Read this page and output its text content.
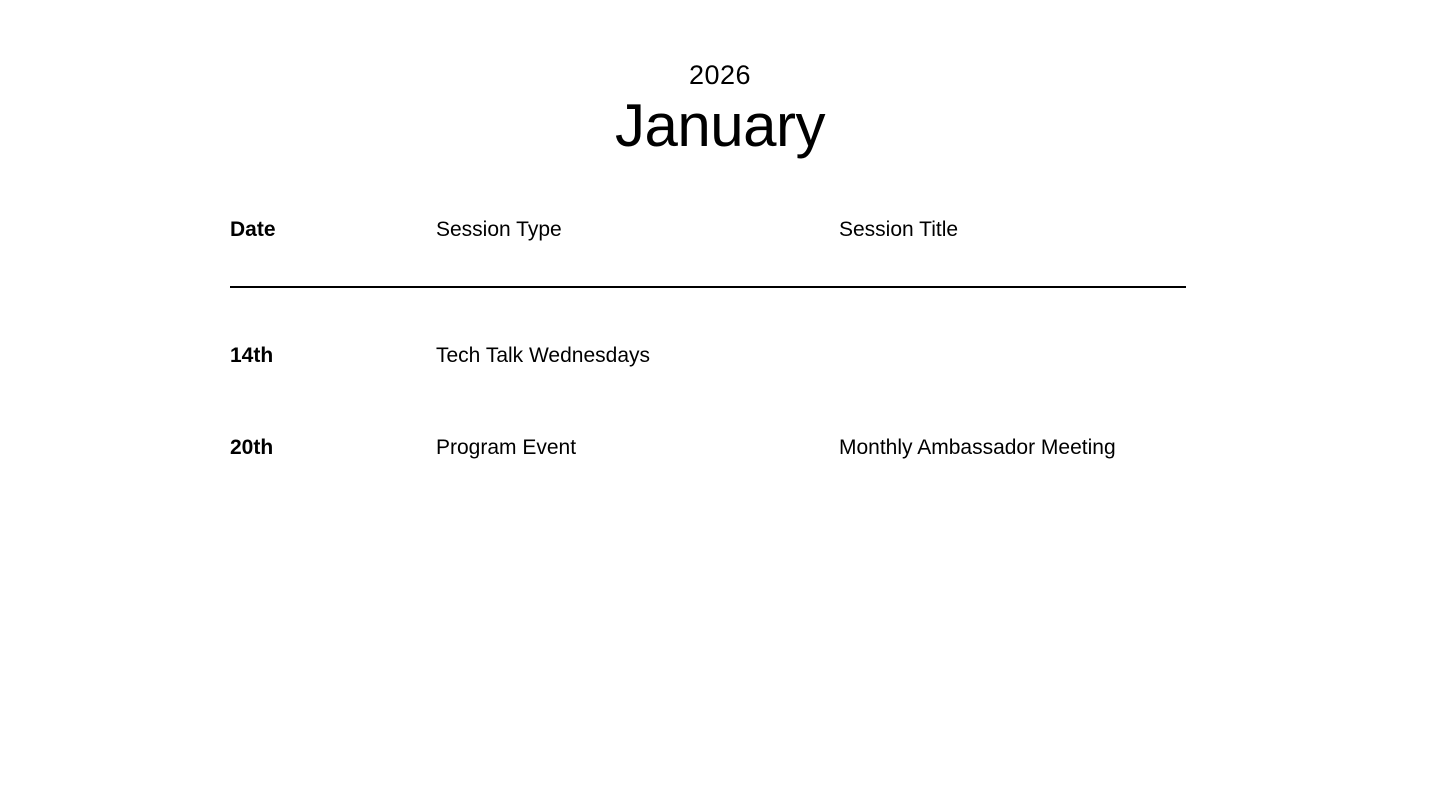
2026
January
Date	Session Type	Session Title
14th	Tech Talk Wednesdays
20th	Program Event	Monthly Ambassador Meeting
